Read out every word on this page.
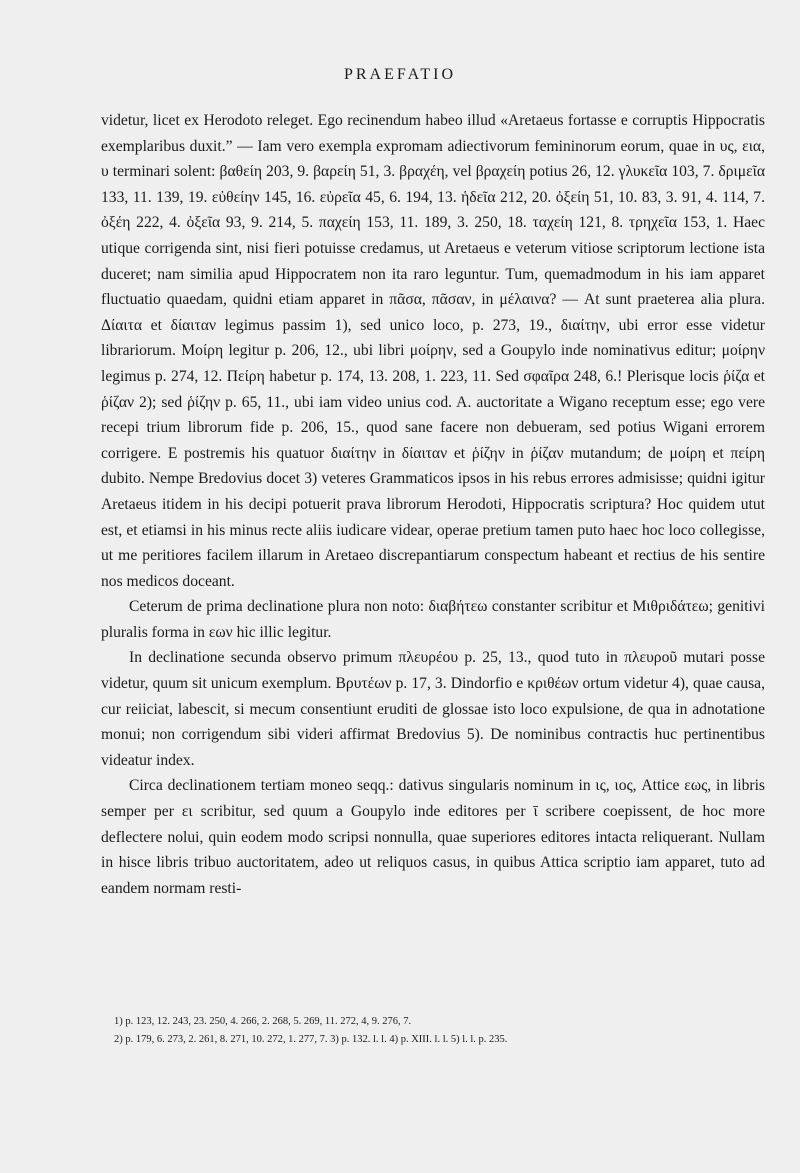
PRAEFATIO

videtur, licet ex Herodoto releget. Ego recinendum habeo illud «Aretaeus fortasse e corruptis Hippocratis exemplaribus duxit.” — Iam vero exempla expromam adiectivorum femininorum eorum, quae in υς, εια, υ terminari solent: βαθείη 203, 9. βαρείη 51, 3. βραχέη, vel βραχείη potius 26, 12. γλυκεῖα 103, 7. δριμεῖα 133, 11. 139, 19. εὐθείην 145, 16. εὐρεῖα 45, 6. 194, 13. ἡδεῖα 212, 20. ὀξείη 51, 10. 83, 3. 91, 4. 114, 7. ὀξέη 222, 4. ὀξεῖα 93, 9. 214, 5. παχείη 153, 11. 189, 3. 250, 18. ταχείη 121, 8. τρηχεῖα 153, 1. Haec utique corrigenda sint, nisi fieri potuisse credamus, ut Aretaeus e veterum vitiose scriptorum lectione ista duceret; nam similia apud Hippocratem non ita raro leguntur. Tum, quemadmodum in his iam apparet fluctuatio quaedam, quidni etiam apparet in πᾶσα, πᾶσαν, in μέλαινα? — At sunt praeterea alia plura. Δίαιτα et δίαιταν legimus passim 1), sed unico loco, p. 273, 19., διαίτην, ubi error esse videtur librariorum. Μοίρη legitur p. 206, 12., ubi libri μοίρην, sed a Goupylo inde nominativus editur; μοίρην legimus p. 274, 12. Πείρη habetur p. 174, 13. 208, 1. 223, 11. Sed σφαῖρα 248, 6.! Plerisque locis ῥίζα et ῥίζαν 2); sed ῥίζην p. 65, 11., ubi iam video unius cod. A. auctoritate a Wigano receptum esse; ego vere recepi trium librorum fide p. 206, 15., quod sane facere non debueram, sed potius Wigani errorem corrigere. E postremis his quatuor διαίτην in δίαιταν et ῥίζην in ῥίζαν mutandum; de μοίρη et πείρη dubito. Nempe Bredovius docet 3) veteres Grammaticos ipsos in his rebus errores admisisse; quidni igitur Aretaeus itidem in his decipi potuerit prava librorum Herodoti, Hippocratis scriptura? Hoc quidem utut est, et etiamsi in his minus recte aliis iudicare videar, operae pretium tamen puto haec hoc loco collegisse, ut me peritiores facilem illarum in Aretaeo discrepantiarum conspectum habeant et rectius de his sentire nos medicos doceant.

Ceterum de prima declinatione plura non noto: διαβήτεω constanter scribitur et Μιθριδάτεω; genitivi pluralis forma in εων hic illic legitur.

In declinatione secunda observo primum πλευρέου p. 25, 13., quod tuto in πλευροῦ mutari posse videtur, quum sit unicum exemplum. Βρυτέων p. 17, 3. Dindorfio e κριθέων ortum videtur 4), quae causa, cur reiiciat, labescit, si mecum consentiunt eruditi de glossae isto loco expulsione, de qua in adnotatione monui; non corrigendum sibi videri affirmat Bredovius 5). De nominibus contractis huc pertinentibus videatur index.

Circa declinationem tertiam moneo seqq.: dativus singularis nominum in ις, ιος, Attice εως, in libris semper per ει scribitur, sed quum a Goupylo inde editores per ῑ scribere coepissent, de hoc more deflectere nolui, quin eodem modo scripsi nonnulla, quae superiores editores intacta reliquerant. Nullam in hisce libris tribuo auctoritatem, adeo ut reliquos casus, in quibus Attica scriptio iam apparet, tuto ad eandem normam resti-

1) p. 123, 12. 243, 23. 250, 4. 266, 2. 268, 5. 269, 11. 272, 4, 9. 276, 7.
2) p. 179, 6. 273, 2. 261, 8. 271, 10. 272, 1. 277, 7. 3) p. 132. l. l. 4) p. XIII. l. l. 5) l. l. p. 235.
